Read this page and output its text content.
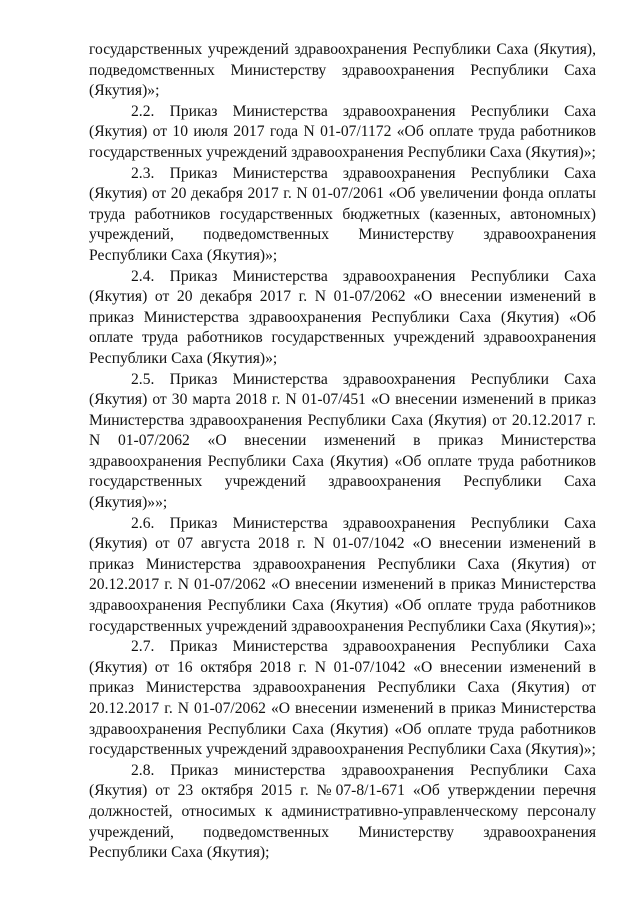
государственных учреждений здравоохранения Республики Саха (Якутия), подведомственных Министерству здравоохранения Республики Саха (Якутия)»;

2.2. Приказ Министерства здравоохранения Республики Саха (Якутия) от 10 июля 2017 года N 01-07/1172 «Об оплате труда работников государственных учреждений здравоохранения Республики Саха (Якутия)»;

2.3. Приказ Министерства здравоохранения Республики Саха (Якутия) от 20 декабря 2017 г. N 01-07/2061 «Об увеличении фонда оплаты труда работников государственных бюджетных (казенных, автономных) учреждений, подведомственных Министерству здравоохранения Республики Саха (Якутия)»;

2.4. Приказ Министерства здравоохранения Республики Саха (Якутия) от 20 декабря 2017 г. N 01-07/2062 «О внесении изменений в приказ Министерства здравоохранения Республики Саха (Якутия) «Об оплате труда работников государственных учреждений здравоохранения Республики Саха (Якутия)»;

2.5. Приказ Министерства здравоохранения Республики Саха (Якутия) от 30 марта 2018 г. N 01-07/451 «О внесении изменений в приказ Министерства здравоохранения Республики Саха (Якутия) от 20.12.2017 г. N 01-07/2062 «О внесении изменений в приказ Министерства здравоохранения Республики Саха (Якутия) «Об оплате труда работников государственных учреждений здравоохранения Республики Саха (Якутия)»»;

2.6. Приказ Министерства здравоохранения Республики Саха (Якутия) от 07 августа 2018 г. N 01-07/1042 «О внесении изменений в приказ Министерства здравоохранения Республики Саха (Якутия) от 20.12.2017 г. N 01-07/2062 «О внесении изменений в приказ Министерства здравоохранения Республики Саха (Якутия) «Об оплате труда работников государственных учреждений здравоохранения Республики Саха (Якутия)»;

2.7. Приказ Министерства здравоохранения Республики Саха (Якутия) от 16 октября 2018 г. N 01-07/1042 «О внесении изменений в приказ Министерства здравоохранения Республики Саха (Якутия) от 20.12.2017 г. N 01-07/2062 «О внесении изменений в приказ Министерства здравоохранения Республики Саха (Якутия) «Об оплате труда работников государственных учреждений здравоохранения Республики Саха (Якутия)»;

2.8. Приказ министерства здравоохранения Республики Саха (Якутия) от 23 октября 2015 г. №07-8/1-671 «Об утверждении перечня должностей, относимых к административно-управленческому персоналу учреждений, подведомственных Министерству здравоохранения Республики Саха (Якутия);
